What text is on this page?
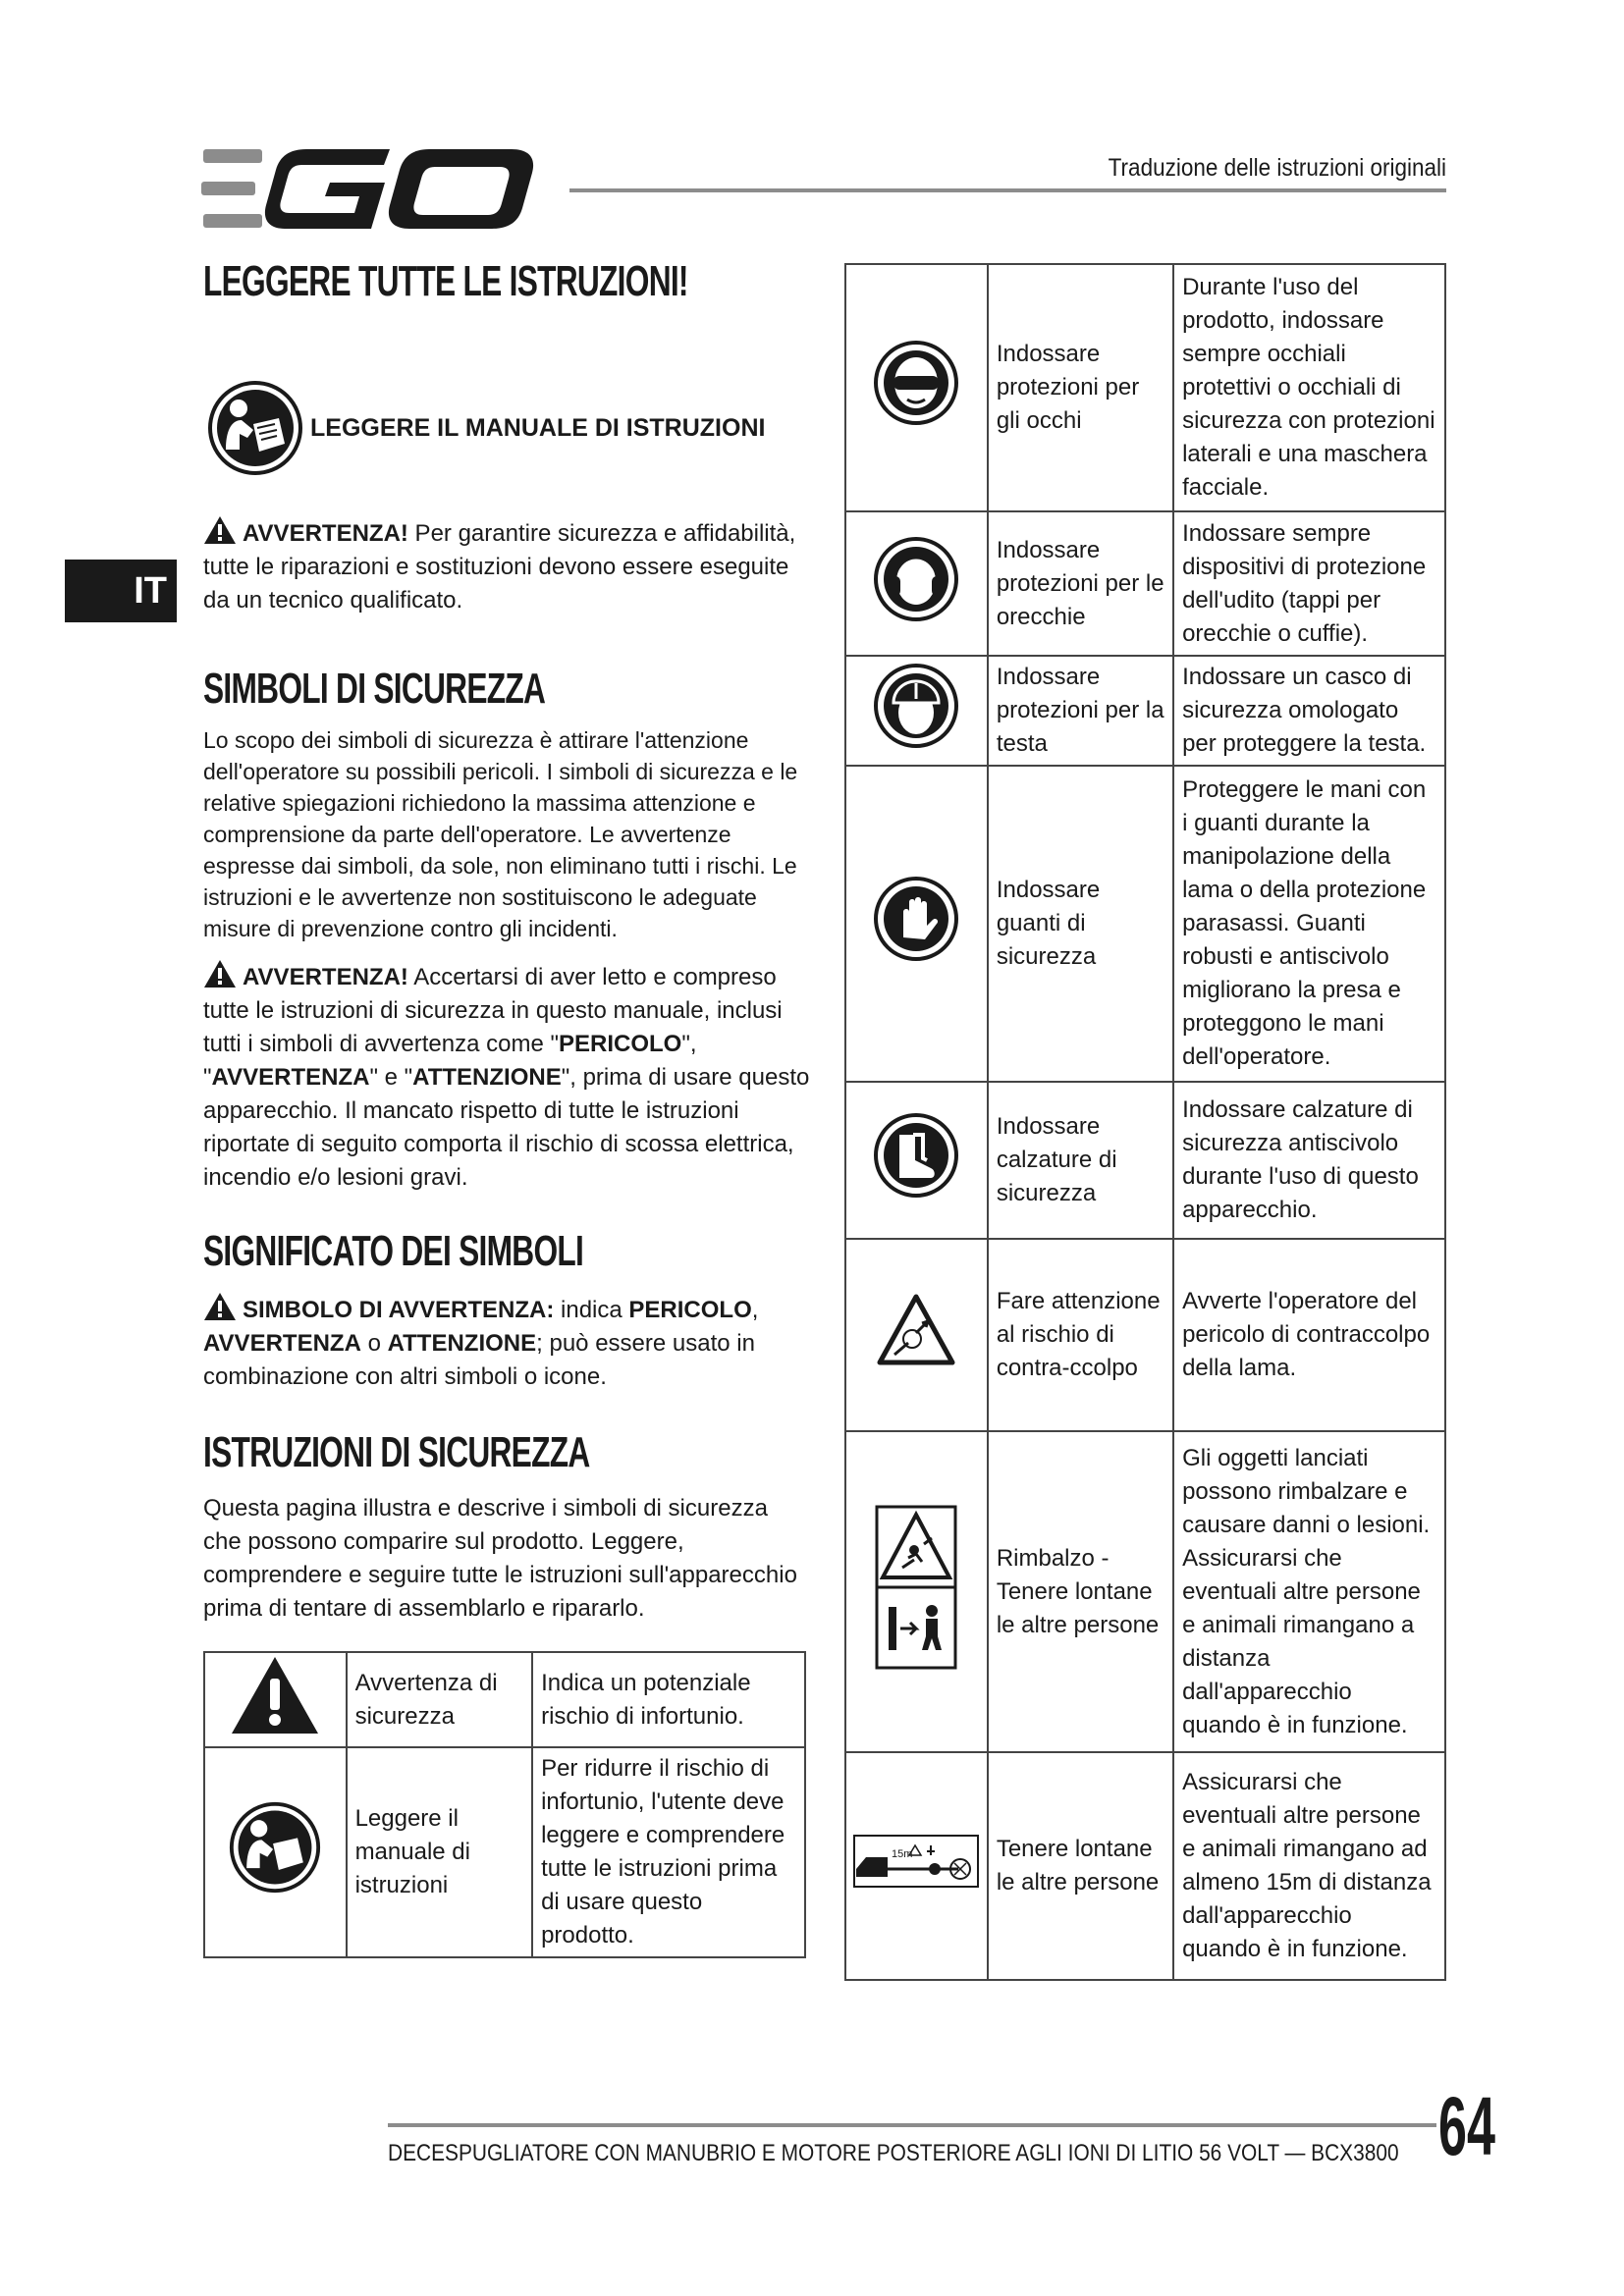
Traduzione delle istruzioni originali
IT
LEGGERE TUTTE LE ISTRUZIONI!
LEGGERE IL MANUALE DI ISTRUZIONI

AVVERTENZA! Per garantire sicurezza e affidabilità, tutte le riparazioni e sostituzioni devono essere eseguite da un tecnico qualificato.

SIMBOLI DI SICUREZZA
Lo scopo dei simboli di sicurezza è attirare l'attenzione dell'operatore su possibili pericoli. I simboli di sicurezza e le relative spiegazioni richiedono la massima attenzione e comprensione da parte dell'operatore. Le avvertenze espresse dai simboli, da sole, non eliminano tutti i rischi. Le istruzioni e le avvertenze non sostituiscono le adeguate misure di prevenzione contro gli incidenti.

AVVERTENZA! Accertarsi di aver letto e compreso tutte le istruzioni di sicurezza in questo manuale, inclusi tutti i simboli di avvertenza come "PERICOLO", "AVVERTENZA" e "ATTENZIONE", prima di usare questo apparecchio. Il mancato rispetto di tutte le istruzioni riportate di seguito comporta il rischio di scossa elettrica, incendio e/o lesioni gravi.

SIGNIFICATO DEI SIMBOLI

SIMBOLO DI AVVERTENZA: indica PERICOLO,
AVVERTENZA o ATTENZIONE; può essere usato in combinazione con altri simboli o icone.

ISTRUZIONI DI SICUREZZA
Questa pagina illustra e descrive i simboli di sicurezza che possono comparire sul prodotto. Leggere, comprendere e seguire tutte le istruzioni sull'apparecchio prima di tentare di assemblarlo e ripararlo.
	Avvertenza di sicurezza	Indica un potenziale rischio di infortunio.
	Leggere il manuale di istruzioni	Per ridurre il rischio di infortunio, l'utente deve leggere e comprendere tutte le istruzioni prima di usare questo prodotto.
	Indossare protezioni per gli occhi	Durante l'uso del prodotto, indossare sempre occhiali protettivi o occhiali di sicurezza con protezioni laterali e una maschera facciale.
	Indossare protezioni per le orecchie	Indossare sempre dispositivi di protezione dell'udito (tappi per orecchie o cuffie).
	Indossare protezioni per la testa	Indossare un casco di sicurezza omologato per proteggere la testa.
	Indossare guanti di sicurezza	Proteggere le mani con i guanti durante la manipolazione della lama o della protezione parasassi. Guanti robusti e antiscivolo migliorano la presa e proteggono le mani dell'operatore.
	Indossare calzature di sicurezza	Indossare calzature di sicurezza antiscivolo durante l'uso di questo apparecchio.
	Fare attenzione al rischio di contra-ccolpo	Avverte l'operatore del pericolo di contraccolpo della lama.
	Rimbalzo - Tenere lontane le altre persone	Gli oggetti lanciati possono rimbalzare e causare danni o lesioni. Assicurarsi che eventuali altre persone e animali rimangano a distanza dall'apparecchio quando è in funzione.

15m	Tenere lontane le altre persone	Assicurarsi che eventuali altre persone e animali rimangano ad almeno 15m di distanza dall'apparecchio quando è in funzione.
DECESPUGLIATORE CON MANUBRIO E MOTORE POSTERIORE AGLI IONI DI LITIO 56 VOLT — BCX3800 64
